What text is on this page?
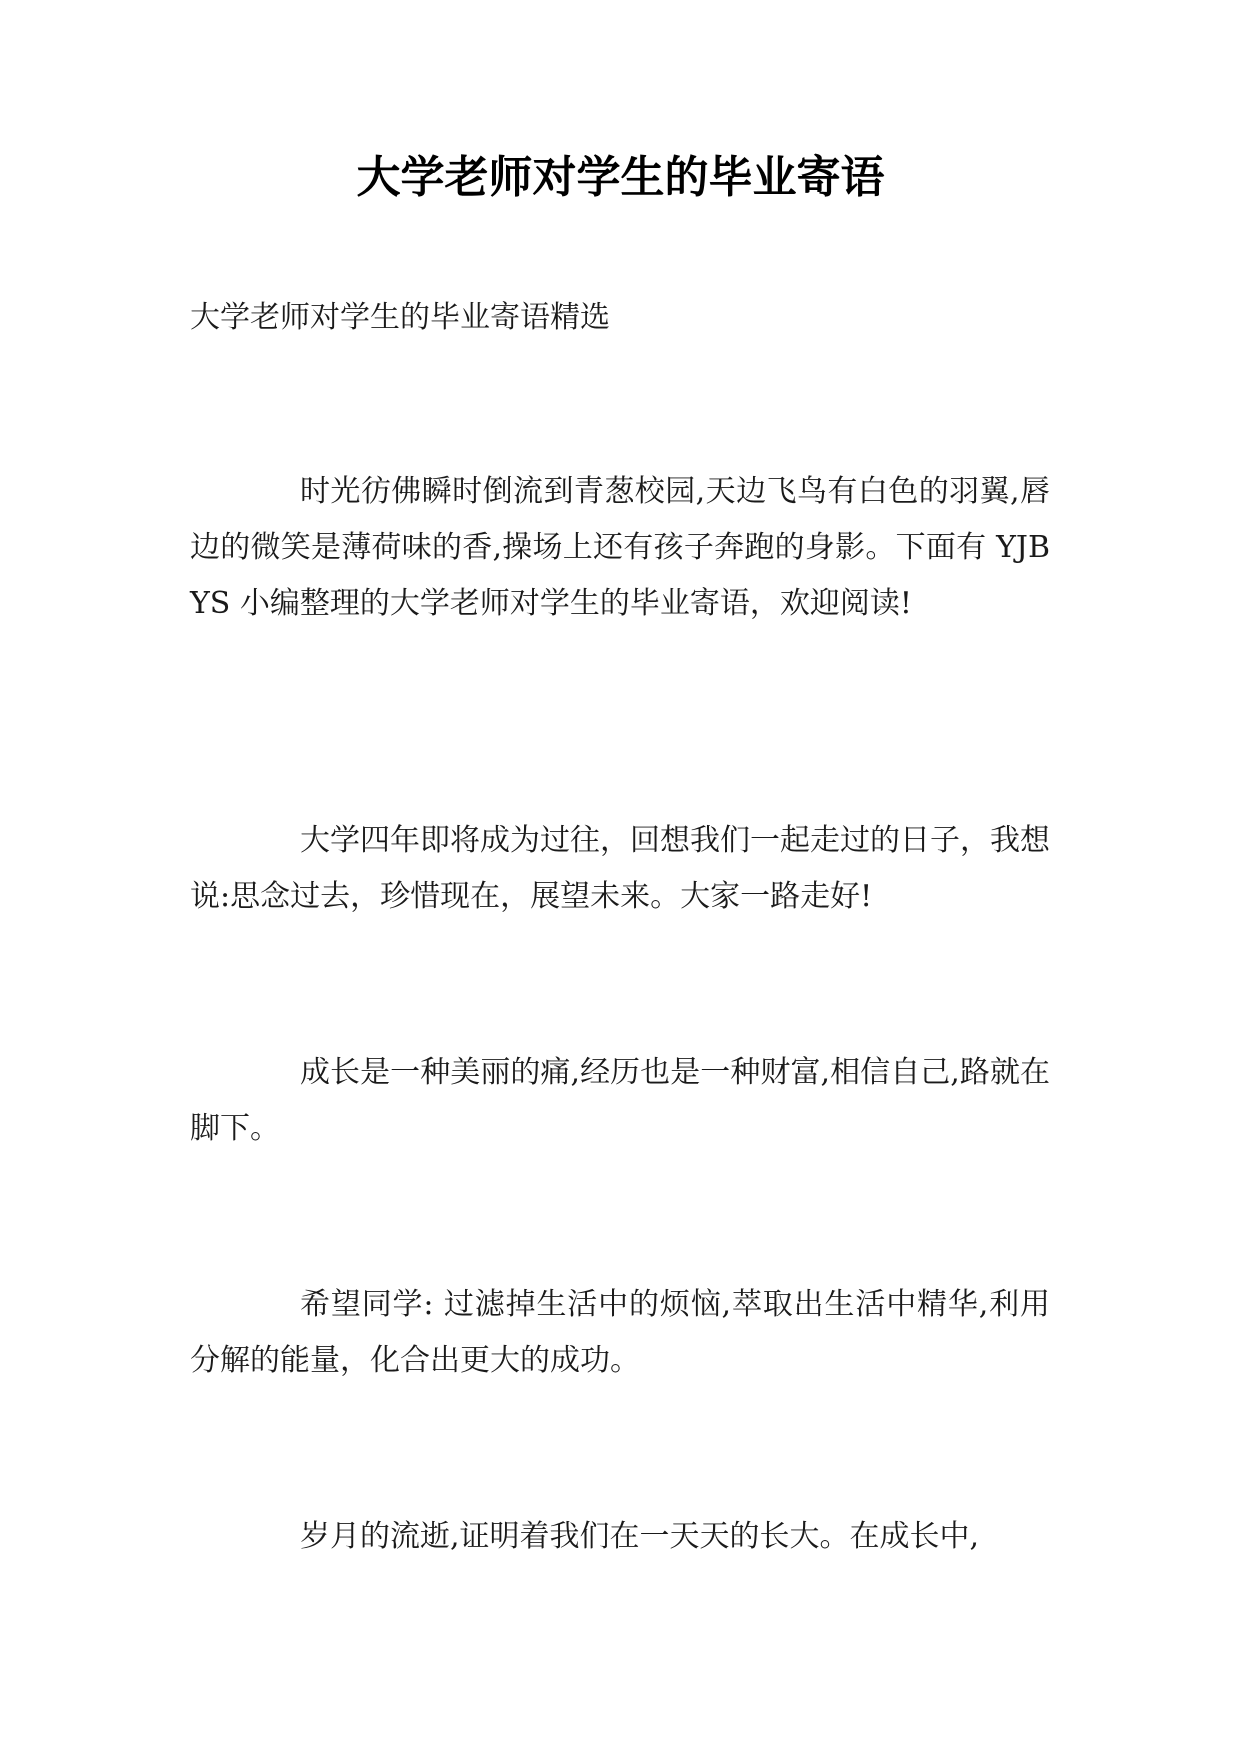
大学老师对学生的毕业寄语

大学老师对学生的毕业寄语精选

时光彷佛瞬时倒流到青葱校园,天边飞鸟有白色的羽翼,唇边的微笑是薄荷味的香,操场上还有孩子奔跑的身影。下面有 YJBYS 小编整理的大学老师对学生的毕业寄语，欢迎阅读!

大学四年即将成为过往，回想我们一起走过的日子，我想说:思念过去，珍惜现在，展望未来。大家一路走好!

成长是一种美丽的痛,经历也是一种财富,相信自己,路就在脚下。

希望同学: 过滤掉生活中的烦恼,萃取出生活中精华,利用分解的能量，化合出更大的成功。

岁月的流逝,证明着我们在一天天的长大。在成长中,
